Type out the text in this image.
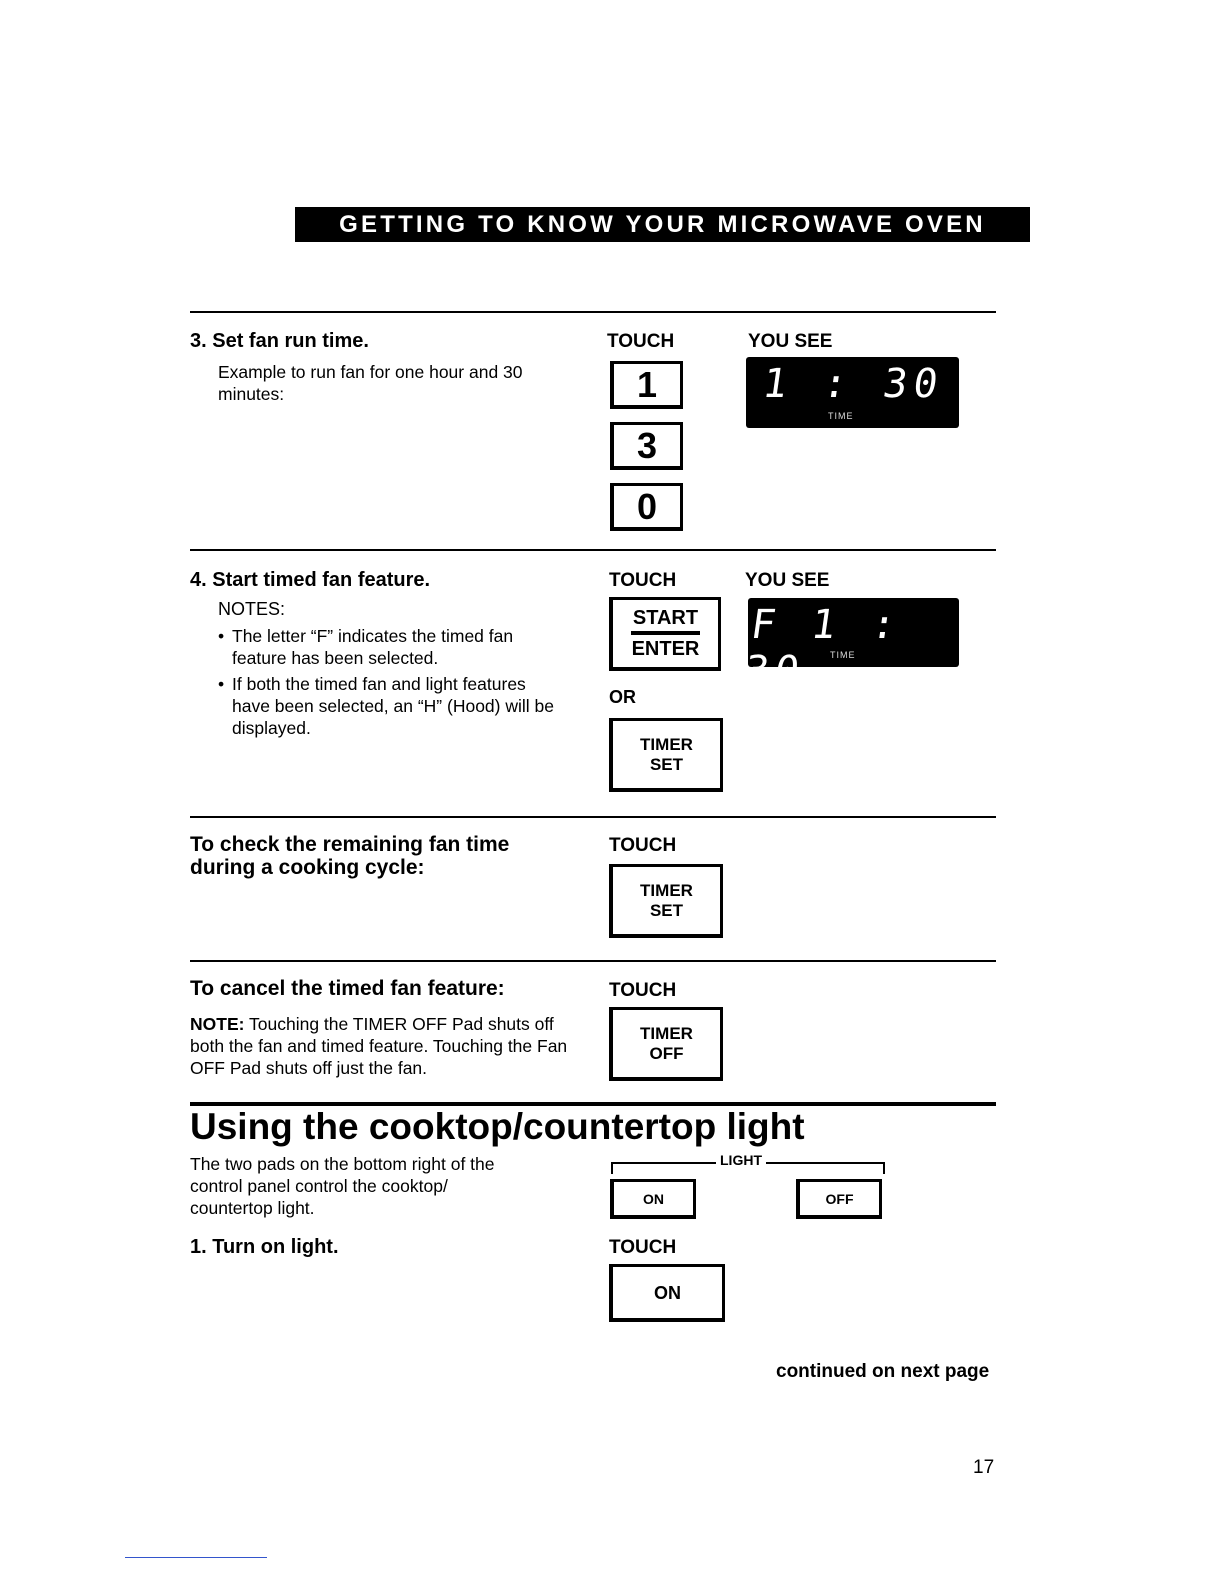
GETTING TO KNOW YOUR MICROWAVE OVEN
3. Set fan run time.
Example to run fan for one hour and 30 minutes:
TOUCH	YOU SEE
1
3
0
1 : 30
TIME
4. Start timed fan feature.
NOTES:
• The letter “F” indicates the timed fan feature has been selected.
• If both the timed fan and light features have been selected, an “H” (Hood) will be displayed.
TOUCH	YOU SEE
START
ENTER
OR
TIMER
SET
F 1 : 30	TIME
To check the remaining fan time during a cooking cycle:
TOUCH
TIMER
SET
To cancel the timed fan feature:
NOTE: Touching the TIMER OFF Pad shuts off both the fan and timed feature. Touching the Fan OFF Pad shuts off just the fan.
TOUCH
TIMER
OFF
Using the cooktop/countertop light
The two pads on the bottom right of the control panel control the cooktop/ countertop light.
LIGHT
ON	OFF
1. Turn on light.	TOUCH
ON
continued on next page
17
